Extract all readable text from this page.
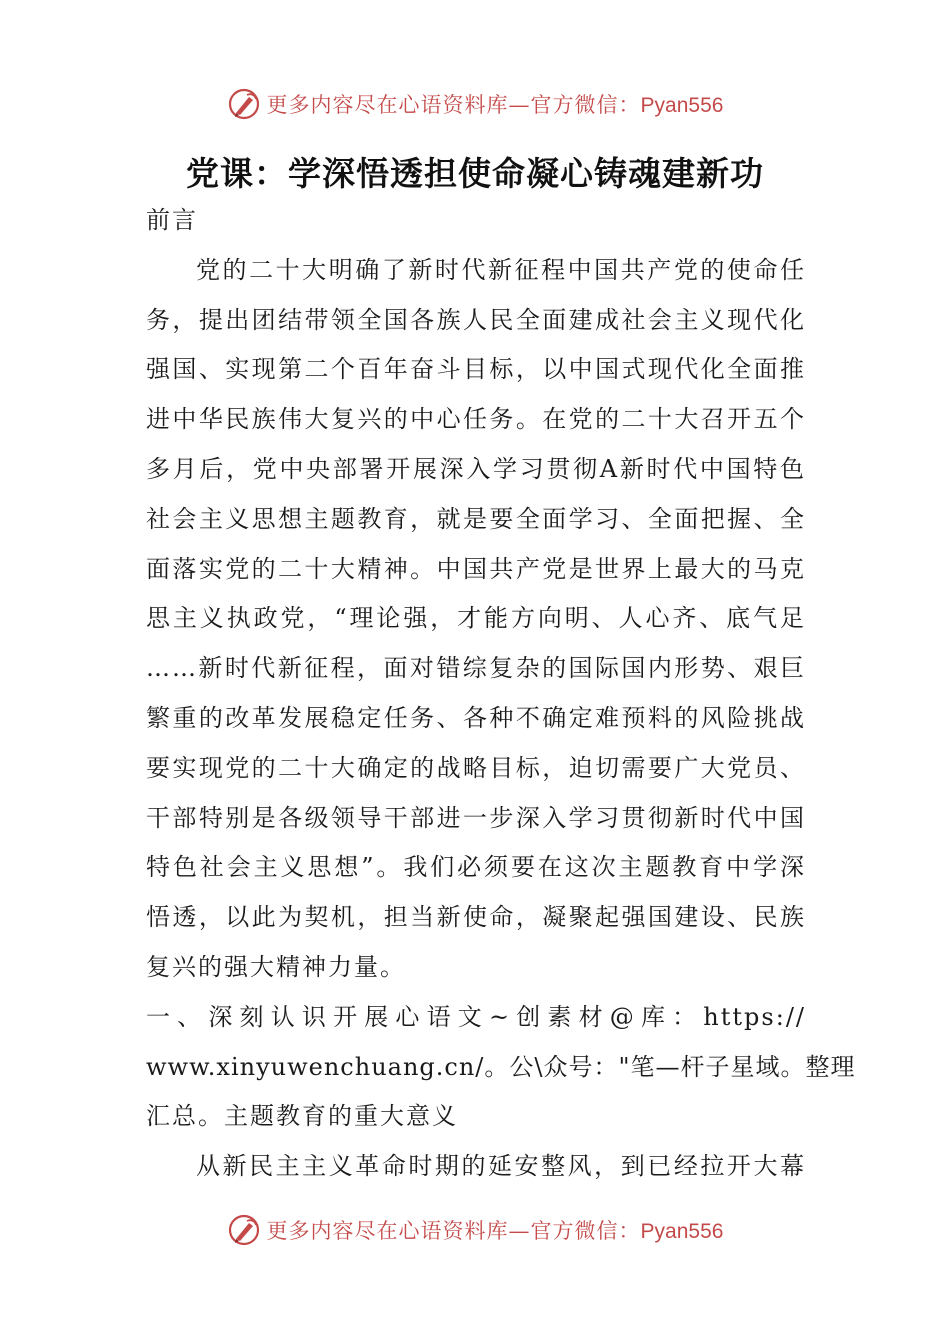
更多内容尽在心语资料库—官方微信：Pyan556
党课：学深悟透担使命凝心铸魂建新功
前言
党的二十大明确了新时代新征程中国共产党的使命任
务，提出团结带领全国各族人民全面建成社会主义现代化
强国、实现第二个百年奋斗目标，以中国式现代化全面推
进中华民族伟大复兴的中心任务。在党的二十大召开五个
多月后，党中央部署开展深入学习贯彻A新时代中国特色
社会主义思想主题教育，就是要全面学习、全面把握、全
面落实党的二十大精神。中国共产党是世界上最大的马克
思主义执政党，“理论强，才能方向明、人心齐、底气足
……新时代新征程，面对错综复杂的国际国内形势、艰巨
繁重的改革发展稳定任务、各种不确定难预料的风险挑战
要实现党的二十大确定的战略目标，迫切需要广大党员、
干部特别是各级领导干部进一步深入学习贯彻新时代中国
特色社会主义思想”。我们必须要在这次主题教育中学深
悟透，以此为契机，担当新使命，凝聚起强国建设、民族
复兴的强大精神力量。
一、深刻认识开展心语文~创素材@库：https://
www.xinyuwenchuang.cn/。公\众号："笔—杆子星域。整理
汇总。主题教育的重大意义
从新民主主义革命时期的延安整风，到已经拉开大幕
更多内容尽在心语资料库—官方微信：Pyan556
